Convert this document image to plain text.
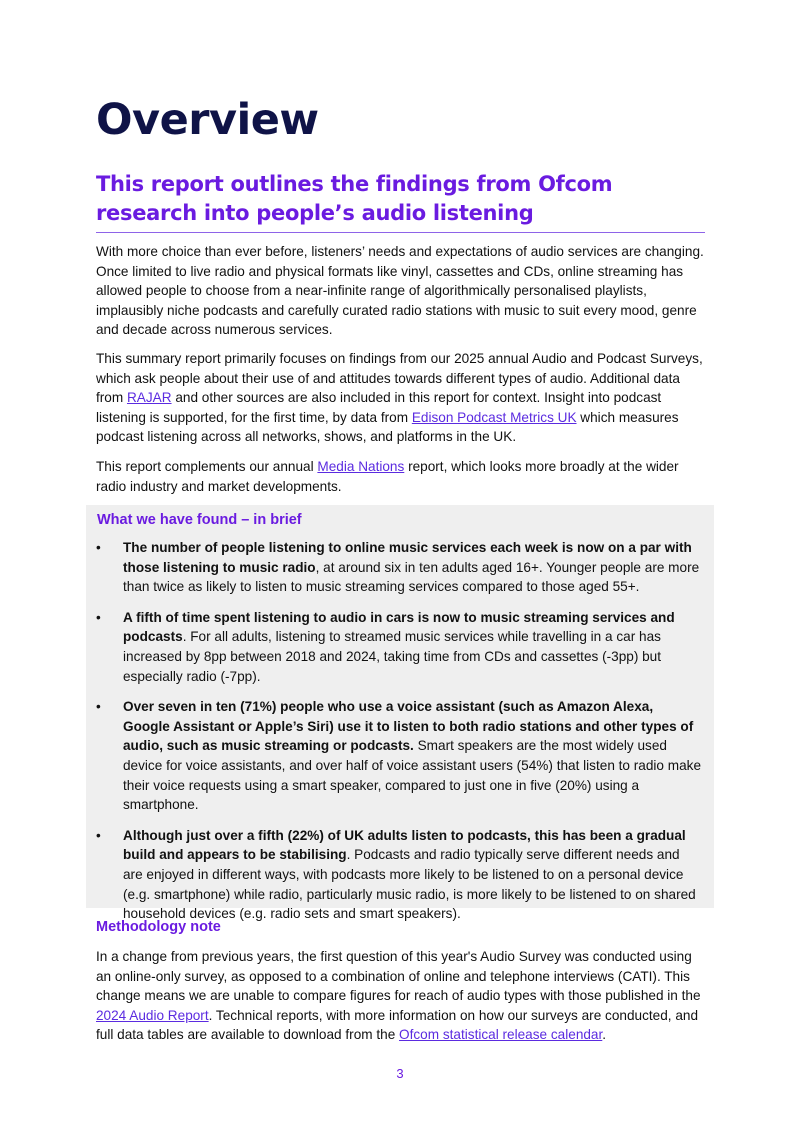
Overview
This report outlines the findings from Ofcom research into people’s audio listening

With more choice than ever before, listeners’ needs and expectations of audio services are changing. Once limited to live radio and physical formats like vinyl, cassettes and CDs, online streaming has allowed people to choose from a near-infinite range of algorithmically personalised playlists, implausibly niche podcasts and carefully curated radio stations with music to suit every mood, genre and decade across numerous services.

This summary report primarily focuses on findings from our 2025 annual Audio and Podcast Surveys, which ask people about their use of and attitudes towards different types of audio. Additional data from RAJAR and other sources are also included in this report for context. Insight into podcast listening is supported, for the first time, by data from Edison Podcast Metrics UK which measures podcast listening across all networks, shows, and platforms in the UK.

This report complements our annual Media Nations report, which looks more broadly at the wider radio industry and market developments.

What we have found – in brief
• The number of people listening to online music services each week is now on a par with those listening to music radio, at around six in ten adults aged 16+. Younger people are more than twice as likely to listen to music streaming services compared to those aged 55+.
• A fifth of time spent listening to audio in cars is now to music streaming services and podcasts. For all adults, listening to streamed music services while travelling in a car has increased by 8pp between 2018 and 2024, taking time from CDs and cassettes (-3pp) but especially radio (-7pp).
• Over seven in ten (71%) people who use a voice assistant (such as Amazon Alexa, Google Assistant or Apple’s Siri) use it to listen to both radio stations and other types of audio, such as music streaming or podcasts. Smart speakers are the most widely used device for voice assistants, and over half of voice assistant users (54%) that listen to radio make their voice requests using a smart speaker, compared to just one in five (20%) using a smartphone.
• Although just over a fifth (22%) of UK adults listen to podcasts, this has been a gradual build and appears to be stabilising. Podcasts and radio typically serve different needs and are enjoyed in different ways, with podcasts more likely to be listened to on a personal device (e.g. smartphone) while radio, particularly music radio, is more likely to be listened to on shared household devices (e.g. radio sets and smart speakers).
Methodology note

In a change from previous years, the first question of this year's Audio Survey was conducted using an online-only survey, as opposed to a combination of online and telephone interviews (CATI). This change means we are unable to compare figures for reach of audio types with those published in the 2024 Audio Report. Technical reports, with more information on how our surveys are conducted, and full data tables are available to download from the Ofcom statistical release calendar.

3
